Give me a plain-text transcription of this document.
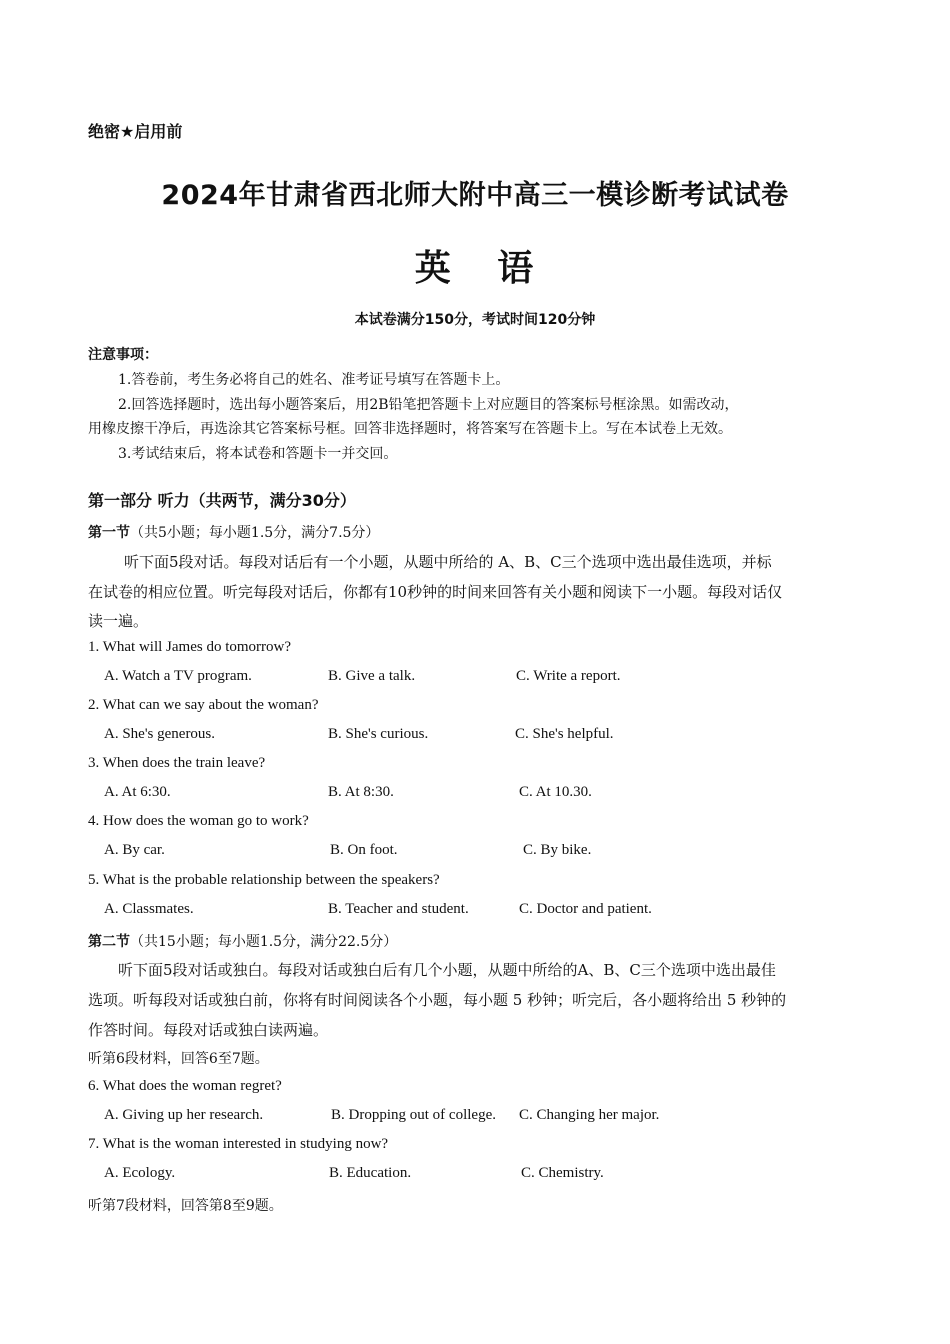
绝密★启用前
2024年甘肃省西北师大附中高三一模诊断考试试卷
英 语
本试卷满分150分，考试时间120分钟
注意事项：
1.答卷前，考生务必将自己的姓名、准考证号填写在答题卡上。
2.回答选择题时，选出每小题答案后，用2B铅笔把答题卡上对应题目的答案标号框涂黑。如需改动，
用橡皮擦干净后，再选涂其它答案标号框。回答非选择题时，将答案写在答题卡上。写在本试卷上无效。
3.考试结束后，将本试卷和答题卡一并交回。
第一部分 听力（共两节，满分30分）
第一节（共5小题；每小题1.5分，满分7.5分）
听下面5段对话。每段对话后有一个小题，从题中所给的 A、B、C三个选项中选出最佳选项，并标
在试卷的相应位置。听完每段对话后，你都有10秒钟的时间来回答有关小题和阅读下一小题。每段对话仅
读一遍。
1. What will James do tomorrow?
A. Watch a TV program.	B. Give a talk.	C. Write a report.
2. What can we say about the woman?
A. She's generous.	B. She's curious.	C. She's helpful.
3. When does the train leave?
A. At 6:30.	B. At 8:30.	C. At 10.30.
4. How does the woman go to work?
A. By car.	B. On foot.	C. By bike.
5. What is the probable relationship between the speakers?
A. Classmates.	B. Teacher and student.	C. Doctor and patient.
第二节（共15小题；每小题1.5分，满分22.5分）
听下面5段对话或独白。每段对话或独白后有几个小题，从题中所给的A、B、C三个选项中选出最佳
选项。听每段对话或独白前，你将有时间阅读各个小题，每小题 5 秒钟；听完后，各小题将给出 5 秒钟的
作答时间。每段对话或独白读两遍。
听第6段材料，回答6至7题。
6. What does the woman regret?
A. Giving up her research.	B. Dropping out of college. C. Changing her major.
7. What is the woman interested in studying now?
A. Ecology.	B. Education.	C. Chemistry.
听第7段材料，回答第8至9题。
